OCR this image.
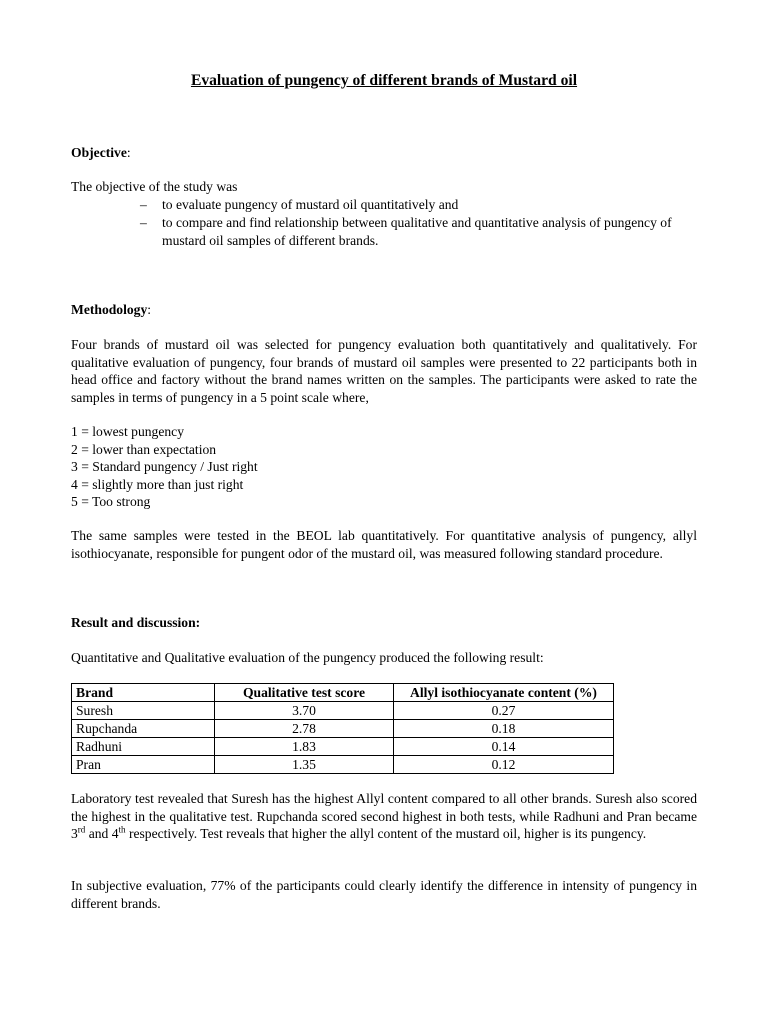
Evaluation of pungency of different brands of Mustard oil

Objective:

The objective of the study was

– to evaluate pungency of mustard oil quantitatively and
– to compare and find relationship between qualitative and quantitative analysis of pungency of mustard oil samples of different brands.

Methodology:

Four brands of mustard oil was selected for pungency evaluation both quantitatively and qualitatively. For qualitative evaluation of pungency, four brands of mustard oil samples were presented to 22 participants both in head office and factory without the brand names written on the samples. The participants were asked to rate the samples in terms of pungency in a 5 point scale where,

1 = lowest pungency
2 = lower than expectation
3 = Standard pungency / Just right
4 = slightly more than just right
5 = Too strong

The same samples were tested in the BEOL lab quantitatively. For quantitative analysis of pungency, allyl isothiocyanate, responsible for pungent odor of the mustard oil, was measured following standard procedure.

Result and discussion:

Quantitative and Qualitative evaluation of the pungency produced the following result:

Brand	Qualitative test score	Allyl isothiocyanate content (%)
Suresh	3.70	0.27
Rupchanda	2.78	0.18
Radhuni	1.83	0.14
Pran	1.35	0.12

Laboratory test revealed that Suresh has the highest Allyl content compared to all other brands. Suresh also scored the highest in the qualitative test. Rupchanda scored second highest in both tests, while Radhuni and Pran became 3rd and 4th respectively. Test reveals that higher the allyl content of the mustard oil, higher is its pungency.

In subjective evaluation, 77% of the participants could clearly identify the difference in intensity of pungency in different brands.
